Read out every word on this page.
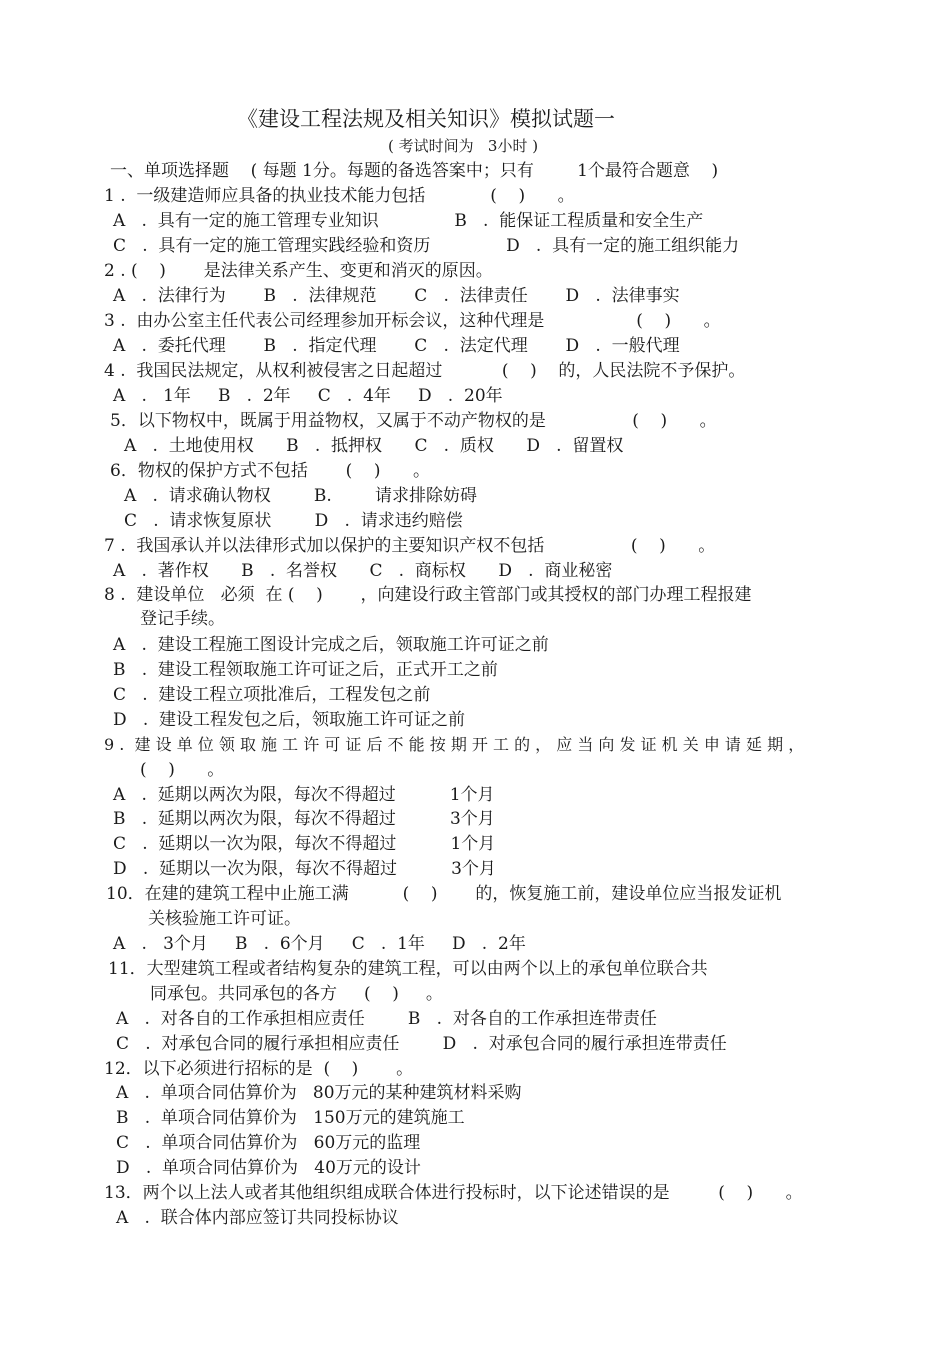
《建设工程法规及相关知识》模拟试题一
( 考试时间为   3小时 )
一、单项选择题    ( 每题 1分。每题的备选答案中；只有        1个最符合题意    )
1 .  一级建造师应具备的执业技术能力包括            (    )      。
A   .  具有一定的施工管理专业知识              B   .  能保证工程质量和安全生产
C   .  具有一定的施工管理实践经验和资历              D   .  具有一定的施工组织能力
2 . (    )       是法律关系产生、变更和消灭的原因。
A   .  法律行为       B   .  法律规范       C   .  法律责任       D   .  法律事实
3 .  由办公室主任代表公司经理参加开标会议，这种代理是                 (    )      。
A   .  委托代理       B   .  指定代理       C   .  法定代理       D   .  一般代理
4 .  我国民法规定，从权利被侵害之日起超过           (    )    的，人民法院不予保护。
A   .   1年     B   .  2年     C   .  4年     D   .  20年
5．以下物权中，既属于用益物权，又属于不动产物权的是                (    )      。
A   .  土地使用权      B   .  抵押权      C   .  质权      D   .  留置权
6．物权的保护方式不包括       (    )      。
A   .  请求确认物权        B.        请求排除妨碍
C   .  请求恢复原状        D   .  请求违约赔偿
7 .  我国承认并以法律形式加以保护的主要知识产权不包括                (    )      。
A   .  著作权      B   .  名誉权      C   .  商标权      D   .  商业秘密
8 .  建设单位   必须  在 (    )       ，向建设行政主管部门或其授权的部门办理工程报建
登记手续。
A   .  建设工程施工图设计完成之后，领取施工许可证之前
B   .  建设工程领取施工许可证之后，正式开工之前
C   .  建设工程立项批准后，工程发包之前
D   .  建设工程发包之后，领取施工许可证之前
9 .  建 设 单 位 领 取 施 工 许 可 证 后 不 能 按 期 开 工 的 ， 应 当 向 发 证 机 关 申 请 延 期 ，
(    )      。
A   .  延期以两次为限，每次不得超过          1个月
B   .  延期以两次为限，每次不得超过          3个月
C   .  延期以一次为限，每次不得超过          1个月
D   .  延期以一次为限，每次不得超过          3个月
10．在建的建筑工程中止施工满          (    )       的，恢复施工前，建设单位应当报发证机
关核验施工许可证。
A   .   3个月     B   .  6个月     C   .  1年     D   .  2年
11．大型建筑工程或者结构复杂的建筑工程，可以由两个以上的承包单位联合共
同承包。共同承包的各方     (    )     。
A   .  对各自的工作承担相应责任        B   .  对各自的工作承担连带责任
C   .  对承包合同的履行承担相应责任        D   .  对承包合同的履行承担连带责任
12．以下必须进行招标的是  (    )       。
A   .  单项合同估算价为   80万元的某种建筑材料采购
B   .  单项合同估算价为   150万元的建筑施工
C   .  单项合同估算价为   60万元的监理
D   .  单项合同估算价为   40万元的设计
13．两个以上法人或者其他组织组成联合体进行投标时，以下论述错误的是         (    )      。
A   .  联合体内部应签订共同投标协议
